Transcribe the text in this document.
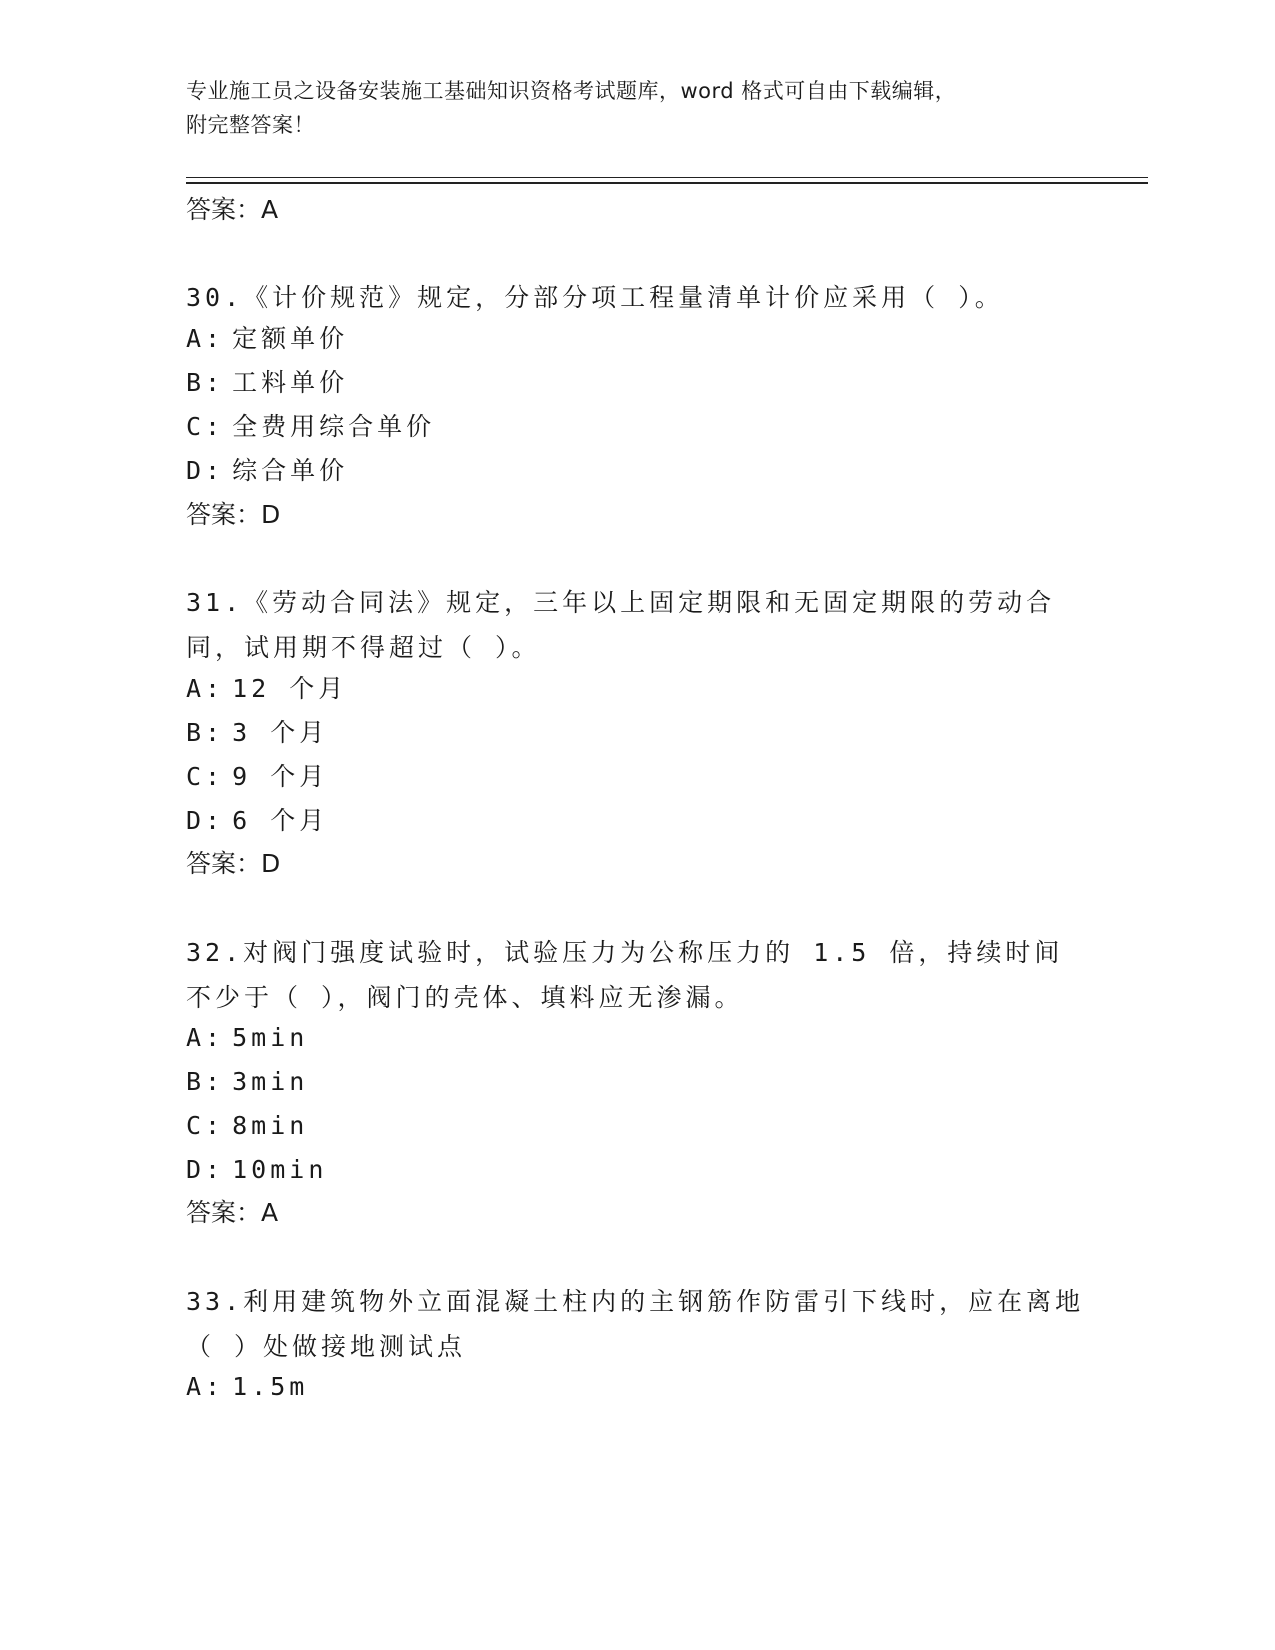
专业施工员之设备安装施工基础知识资格考试题库，word 格式可自由下载编辑，
附完整答案！
答案：A
30.《计价规范》规定，分部分项工程量清单计价应采用（ ）。
A: 定额单价
B: 工料单价
C: 全费用综合单价
D: 综合单价
答案：D
31.《劳动合同法》规定，三年以上固定期限和无固定期限的劳动合同，试用期不得超过（ ）。
A: 12 个月
B: 3 个月
C: 9 个月
D: 6 个月
答案：D
32.对阀门强度试验时，试验压力为公称压力的 1.5 倍，持续时间不少于（ ），阀门的壳体、填料应无渗漏。
A: 5min
B: 3min
C: 8min
D: 10min
答案：A
33.利用建筑物外立面混凝土柱内的主钢筋作防雷引下线时，应在离地（ ）处做接地测试点
A: 1.5m
